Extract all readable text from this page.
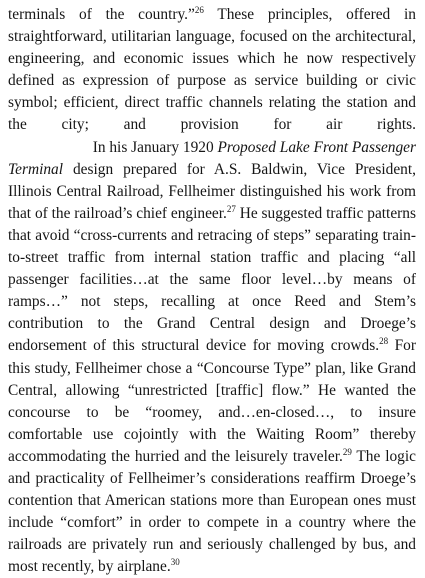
terminals of the country.”$^{26}$ These principles, offered in straightforward, utilitarian language, focused on the architectural, engineering, and economic issues which he now respectively defined as expression of purpose as service building or civic symbol; efficient, direct traffic channels relating the station and the city; and provision for air rights.

In his January 1920 Proposed Lake Front Passenger
Terminal design prepared for A.S. Baldwin, Vice President, Illinois Central Railroad, Fellheimer distinguished his work from that of the railroad’s chief engineer.$^{27}$ He suggested traffic patterns that avoid “cross-currents and retracing of steps” separating train-to-street traffic from internal station traffic and placing “all passenger facilities…at the same floor level…by means of ramps…” not steps, recalling at once Reed and Stem’s contribution to the Grand Central design and Droege’s endorsement of this structural device for moving crowds.$^{28}$ For this study, Fellheimer chose a “Concourse Type” plan, like Grand Central, allowing “unrestricted [traffic] flow.” He wanted the concourse to be “roomey, and…en-closed…, to insure comfortable use cojointly with the Waiting Room” thereby accommodating the hurried and the leisurely traveler.$^{29}$ The logic and practicality of Fellheimer’s considerations reaffirm Droege’s contention that American stations more than European ones must include “comfort” in order to compete in a country where the railroads are privately run and seriously challenged by bus, and most recently, by airplane.$^{30}$
